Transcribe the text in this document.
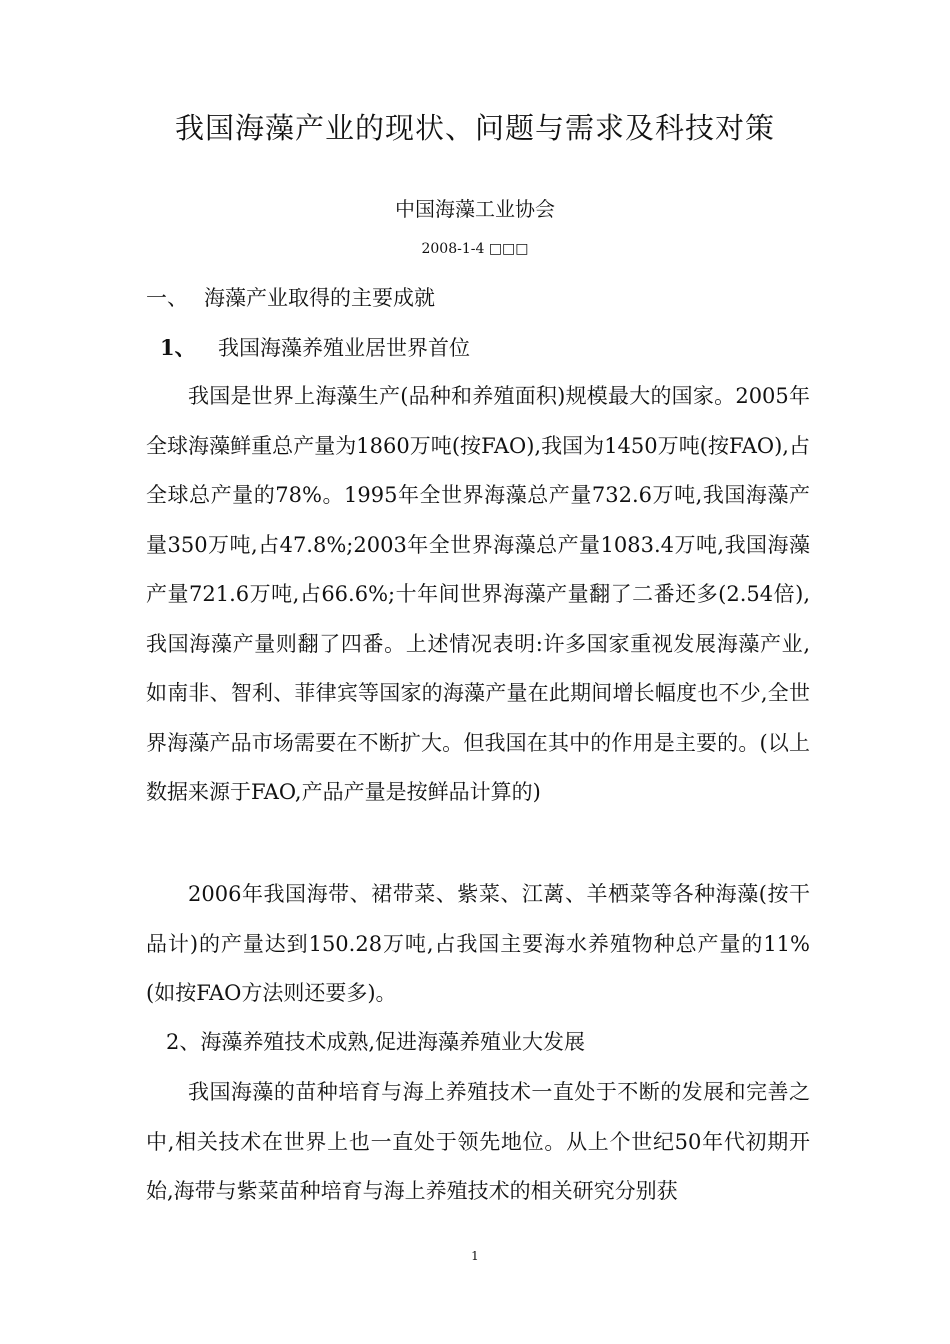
我国海藻产业的现状、问题与需求及科技对策
中国海藻工业协会
2008-1-4 □□□
一、 海藻产业取得的主要成就
1、 我国海藻养殖业居世界首位
我国是世界上海藻生产(品种和养殖面积)规模最大的国家。2005年全球海藻鲜重总产量为1860万吨(按FAO),我国为1450万吨(按FAO),占全球总产量的78%。1995年全世界海藻总产量732.6万吨,我国海藻产量350万吨,占47.8%;2003年全世界海藻总产量1083.4万吨,我国海藻产量721.6万吨,占66.6%;十年间世界海藻产量翻了二番还多(2.54倍),我国海藻产量则翻了四番。上述情况表明:许多国家重视发展海藻产业,如南非、智利、菲律宾等国家的海藻产量在此期间增长幅度也不少,全世界海藻产品市场需要在不断扩大。但我国在其中的作用是主要的。(以上数据来源于FAO,产品产量是按鲜品计算的)
2006年我国海带、裙带菜、紫菜、江蓠、羊栖菜等各种海藻(按干品计)的产量达到150.28万吨,占我国主要海水养殖物种总产量的11%(如按FAO方法则还要多)。
2、海藻养殖技术成熟,促进海藻养殖业大发展
我国海藻的苗种培育与海上养殖技术一直处于不断的发展和完善之中,相关技术在世界上也一直处于领先地位。从上个世纪50年代初期开始,海带与紫菜苗种培育与海上养殖技术的相关研究分别获
1
